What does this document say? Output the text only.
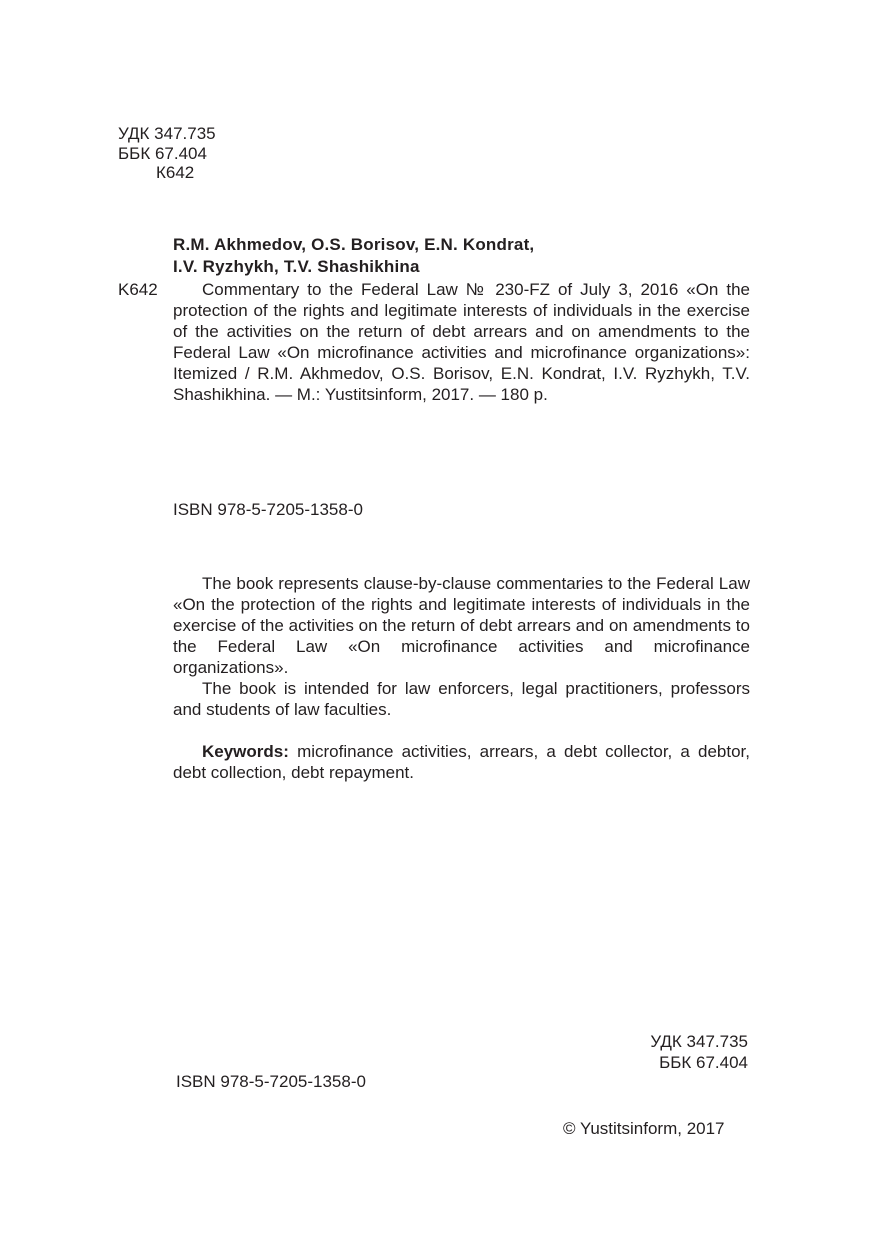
УДК 347.735
ББК 67.404
К642
R.M. Akhmedov, O.S. Borisov, E.N. Kondrat,
I.V. Ryzhykh, T.V. Shashikhina
K642	Commentary to the Federal Law № 230-FZ of July 3, 2016 «On the protection of the rights and legitimate interests of individuals in the exercise of the activities on the return of debt arrears and on amendments to the Federal Law «On microfinance activities and microfinance organizations»: Itemized / R.M. Akhmedov, O.S. Borisov, E.N. Kondrat, I.V. Ryzhykh, T.V. Shashikhina. — M.: Yustitsinform, 2017. — 180 p.
ISBN 978-5-7205-1358-0

The book represents clause-by-clause commentaries to the Federal Law «On the protection of the rights and legitimate interests of individuals in the exercise of the activities on the return of debt arrears and on amendments to the Federal Law «On microfinance activities and microfinance organizations».

The book is intended for law enforcers, legal practitioners, professors and students of law faculties.

Keywords: microfinance activities, arrears, a debt collector, a debtor, debt collection, debt repayment.

УДК 347.735
ББК 67.404
ISBN 978-5-7205-1358-0
© Yustitsinform, 2017
